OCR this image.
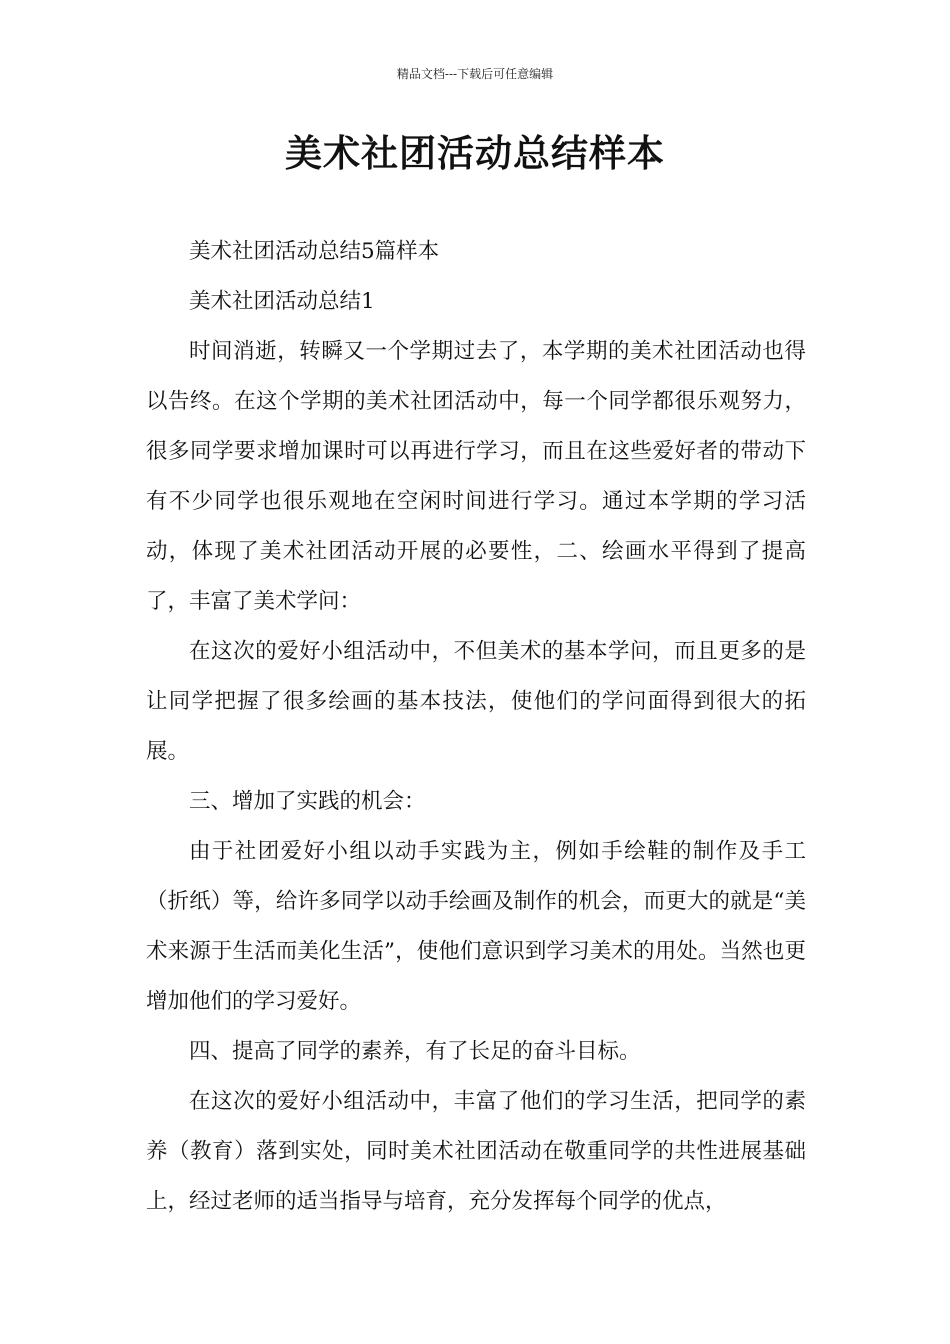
精品文档---下载后可任意编辑
美术社团活动总结样本

美术社团活动总结5篇样本

美术社团活动总结1

时间消逝，转瞬又一个学期过去了，本学期的美术社团活动也得以告终。在这个学期的美术社团活动中，每一个同学都很乐观努力，很多同学要求增加课时可以再进行学习，而且在这些爱好者的带动下有不少同学也很乐观地在空闲时间进行学习。通过本学期的学习活动，体现了美术社团活动开展的必要性，二、绘画水平得到了提高了，丰富了美术学问：

在这次的爱好小组活动中，不但美术的基本学问，而且更多的是让同学把握了很多绘画的基本技法，使他们的学问面得到很大的拓展。

三、增加了实践的机会：

由于社团爱好小组以动手实践为主，例如手绘鞋的制作及手工（折纸）等，给许多同学以动手绘画及制作的机会，而更大的就是“美术来源于生活而美化生活”，使他们意识到学习美术的用处。当然也更增加他们的学习爱好。

四、提高了同学的素养，有了长足的奋斗目标。

在这次的爱好小组活动中，丰富了他们的学习生活，把同学的素养（教育）落到实处，同时美术社团活动在敬重同学的共性进展基础上，经过老师的适当指导与培育，充分发挥每个同学的优点，
